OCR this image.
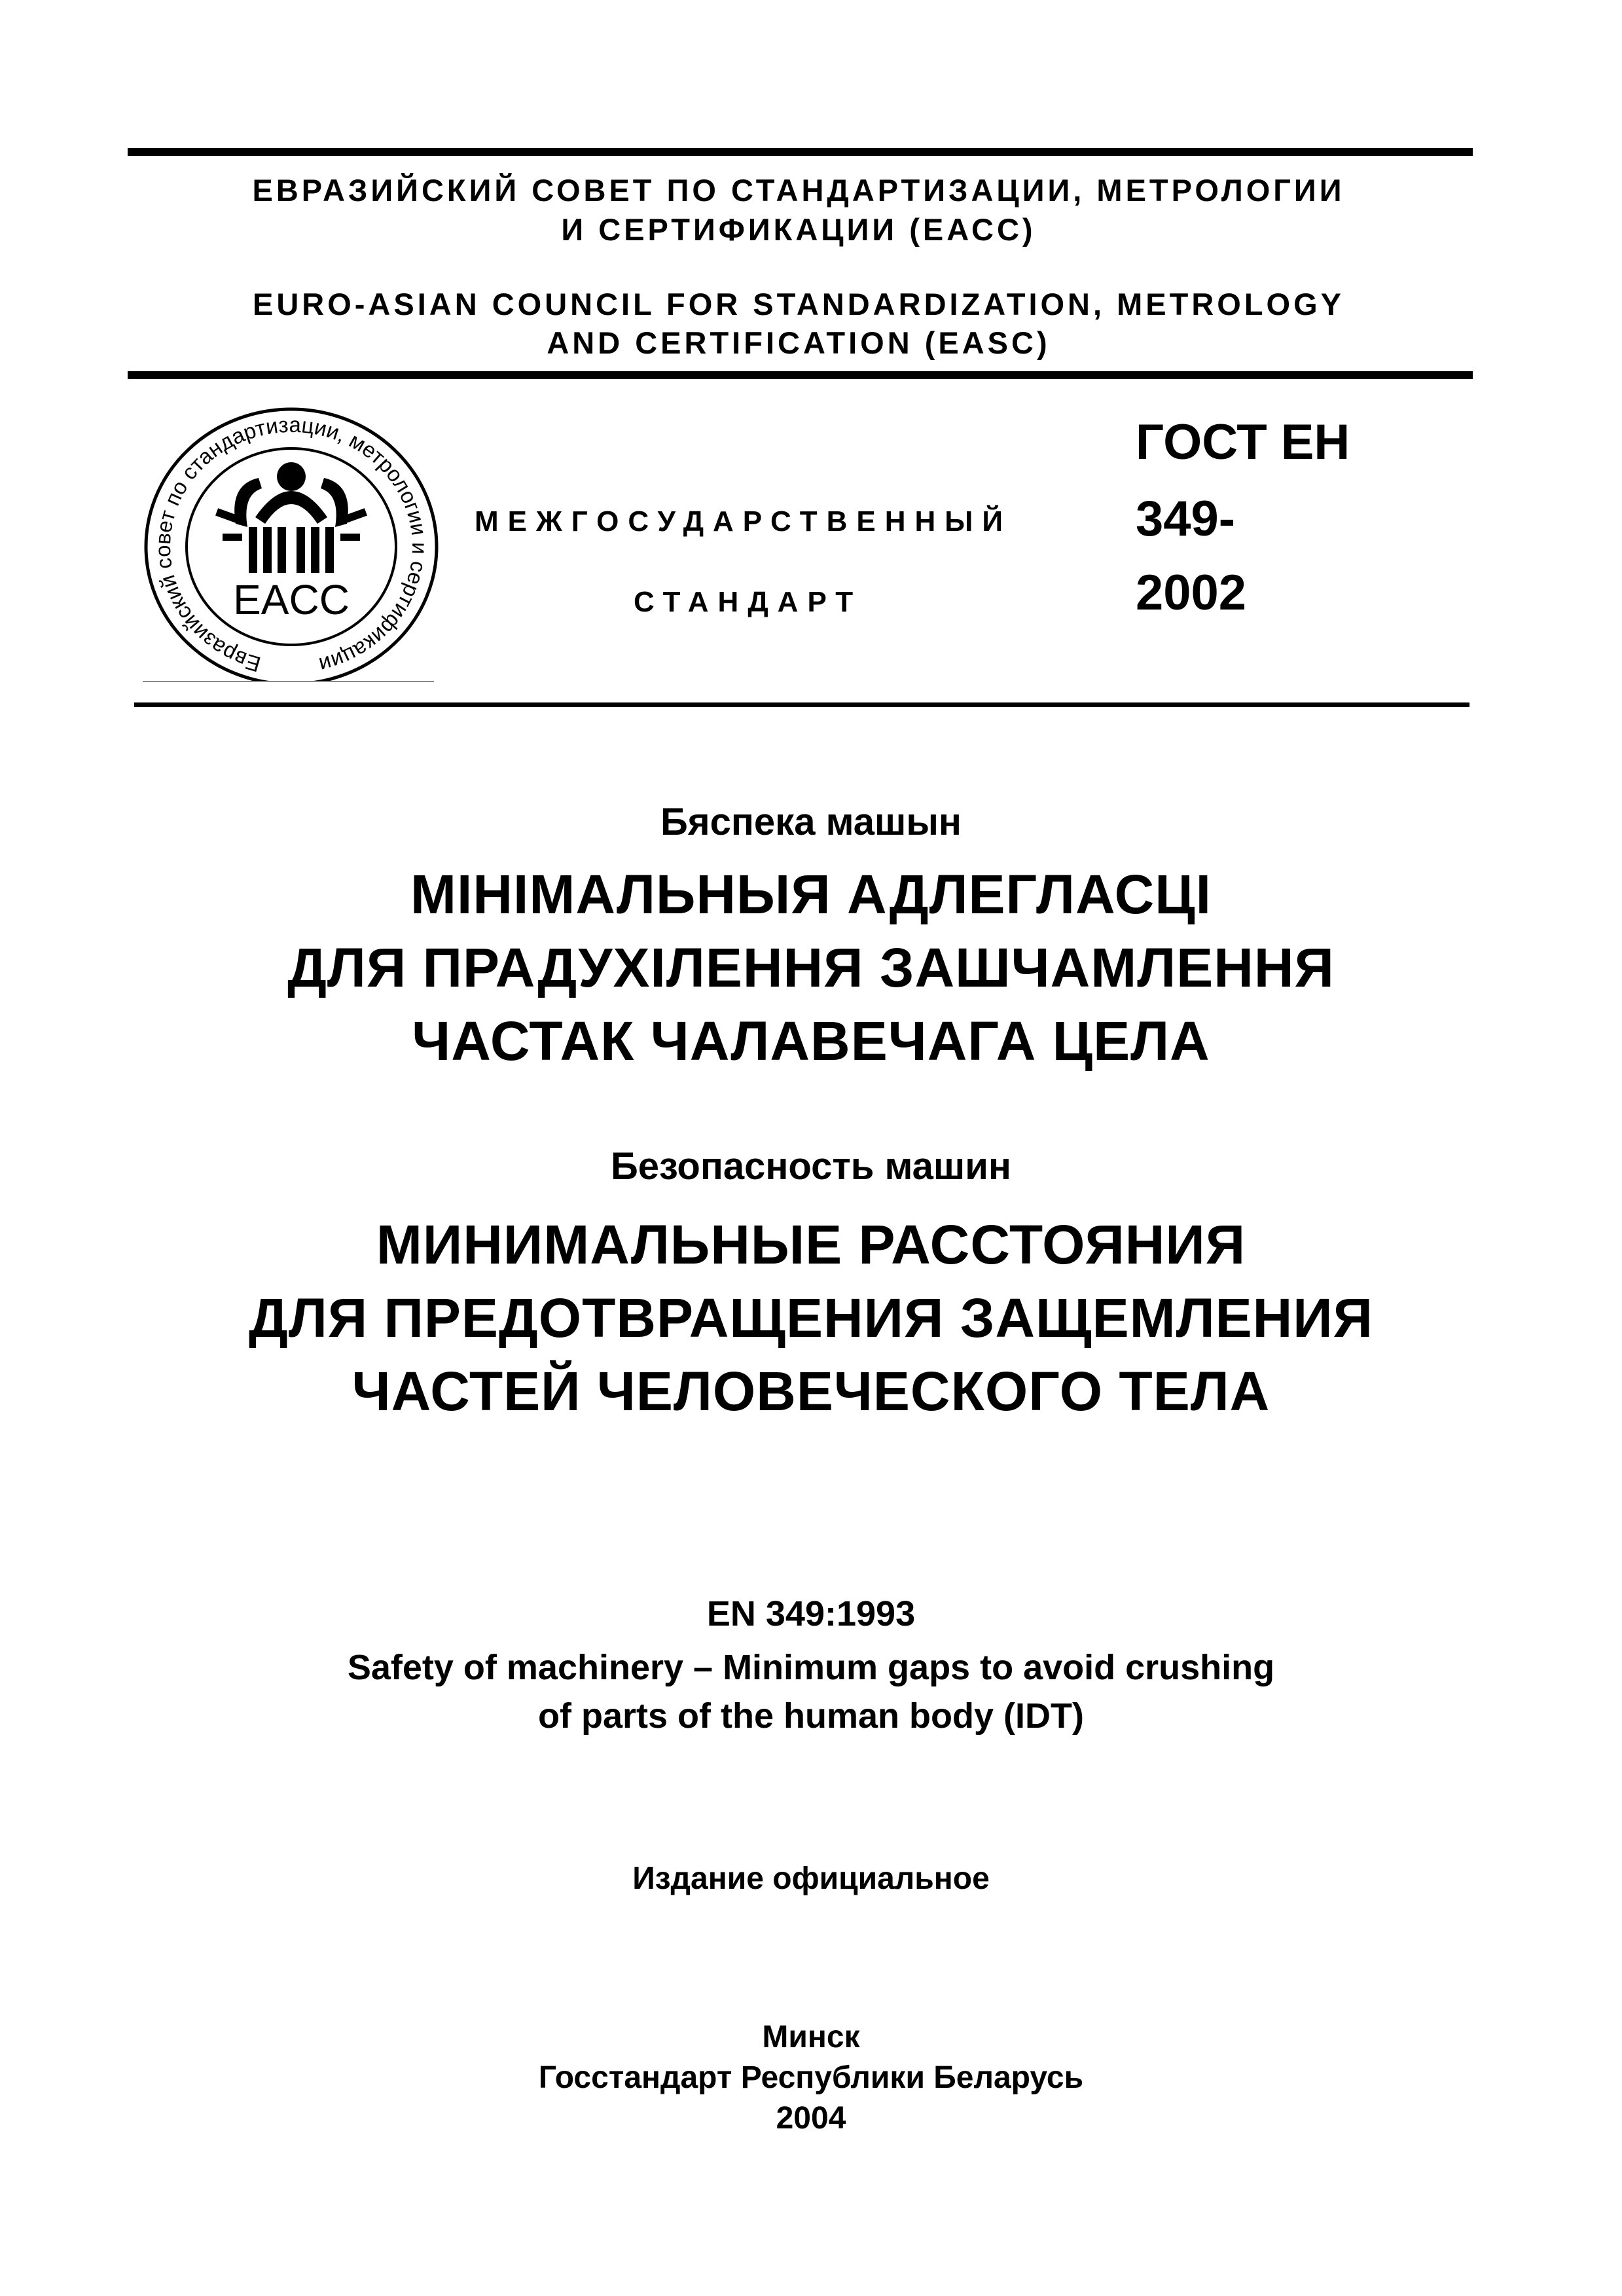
ЕВРАЗИЙСКИЙ СОВЕТ ПО СТАНДАРТИЗАЦИИ, МЕТРОЛОГИИ
И СЕРТИФИКАЦИИ (ЕАСС)
EURO-ASIAN COUNCIL FOR STANDARDIZATION, METROLOGY
AND CERTIFICATION (EASC)
Евразийский совет по стандартизации, метрологии и сертификации
EACC
МЕЖГОСУДАРСТВЕННЫЙ
СТАНДАРТ
ГОСТ ЕН
349-
2002
Бяспека машын
МІНІМАЛЬНЫЯ АДЛЕГЛАСЦІ
ДЛЯ ПРАДУХІЛЕННЯ ЗАШЧАМЛЕННЯ
ЧАСТАК ЧАЛАВЕЧАГА ЦЕЛА
Безопасность машин
МИНИМАЛЬНЫЕ РАССТОЯНИЯ
ДЛЯ ПРЕДОТВРАЩЕНИЯ ЗАЩЕМЛЕНИЯ
ЧАСТЕЙ ЧЕЛОВЕЧЕСКОГО ТЕЛА
EN 349:1993
Safety of machinery – Minimum gaps to avoid crushing
of parts of the human body (IDT)
Издание официальное
Минск
Госстандарт Республики Беларусь
2004
